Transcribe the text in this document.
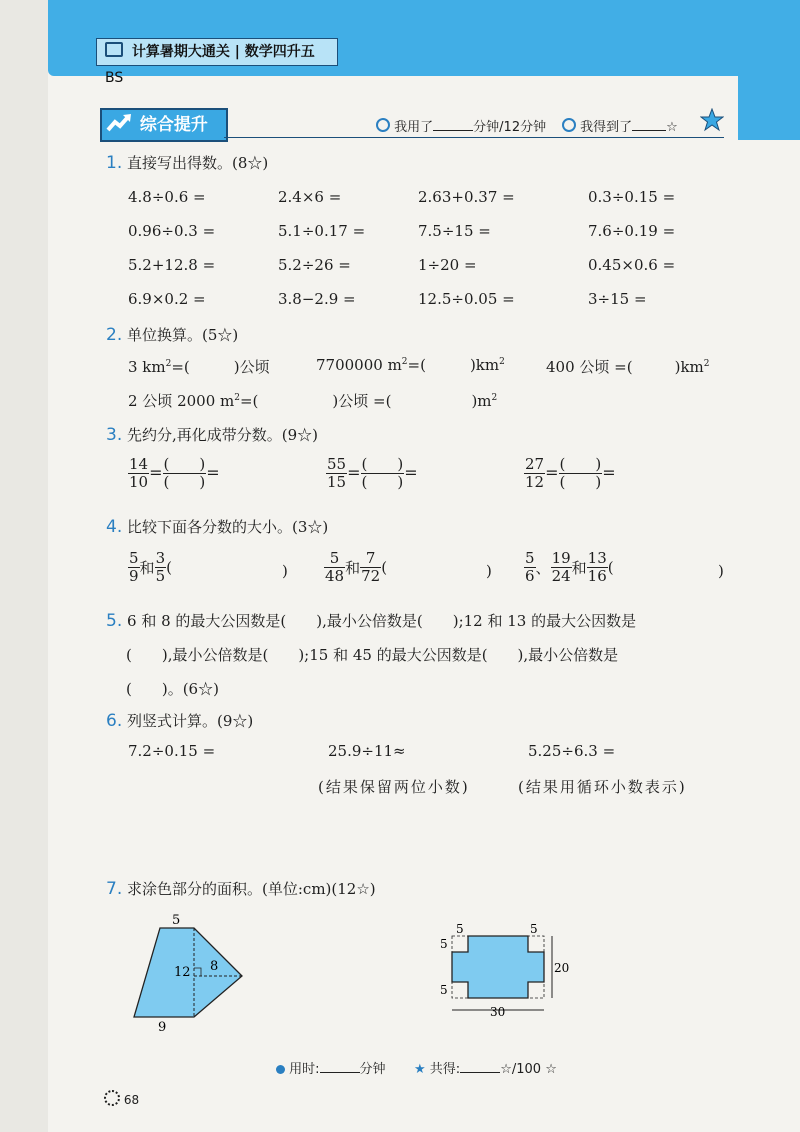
计算暑期大通关 | 数学四升五 BS
综合提升	我用了	分钟/12分钟	我得到了	☆
1. 直接写出得数。(8☆)
4.8÷0.6 =	2.4×6 =	2.63+0.37 =	0.3÷0.15 =
0.96÷0.3 =	5.1÷0.17 =	7.5÷15 =	7.6÷0.19 =
5.2+12.8 =	5.2÷26 =	1÷20 =	0.45×0.6 =
6.9×0.2 =	3.8−2.9 =	12.5÷0.05 =	3÷15 =
2. 单位换算。(5☆)
3 $km^2=$(	)公顷	7700000 $m^2=$(	)$km^2$	400 公顷 =(	)$km^2$
2 公顷 2000 $m^2=$(	)公顷 =(	)$m^2$
3. 先约分,再化成带分数。(9☆)
$\frac{14}{10} = \frac{( )}{( )}$ =	$\frac{55}{15} = \frac{( )}{( )}$ =	$\frac{27}{12} = \frac{( )}{( )}$ =
4. 比较下面各分数的大小。(3☆)
$\frac{5}{9}$ 和 $\frac{3}{5}$ (	) $\frac{5}{48}$ 和 $\frac{7}{72}$ (	) $\frac{5}{6}$ 、 $\frac{19}{24}$ 和 $\frac{13}{16}$ (	)
5. 6 和 8 的最大公因数是(　　),最小公倍数是(　　);12 和 13 的最大公因数是
(　　),最小公倍数是(　　);15 和 45 的最大公因数是(　　),最小公倍数是
(　　)。(6☆)
6. 列竖式计算。(9☆)
7.2÷0.15 =	25.9÷11≈	5.25÷6.3 =
(结果保留两位小数)	(结果用循环小数表示)
7. 求涂色部分的面积。(单位:cm)(12☆)
5
12 8
9
5	5
5
5
20
30
用时:	分钟 ★ 共得:	☆/100 ☆
68
